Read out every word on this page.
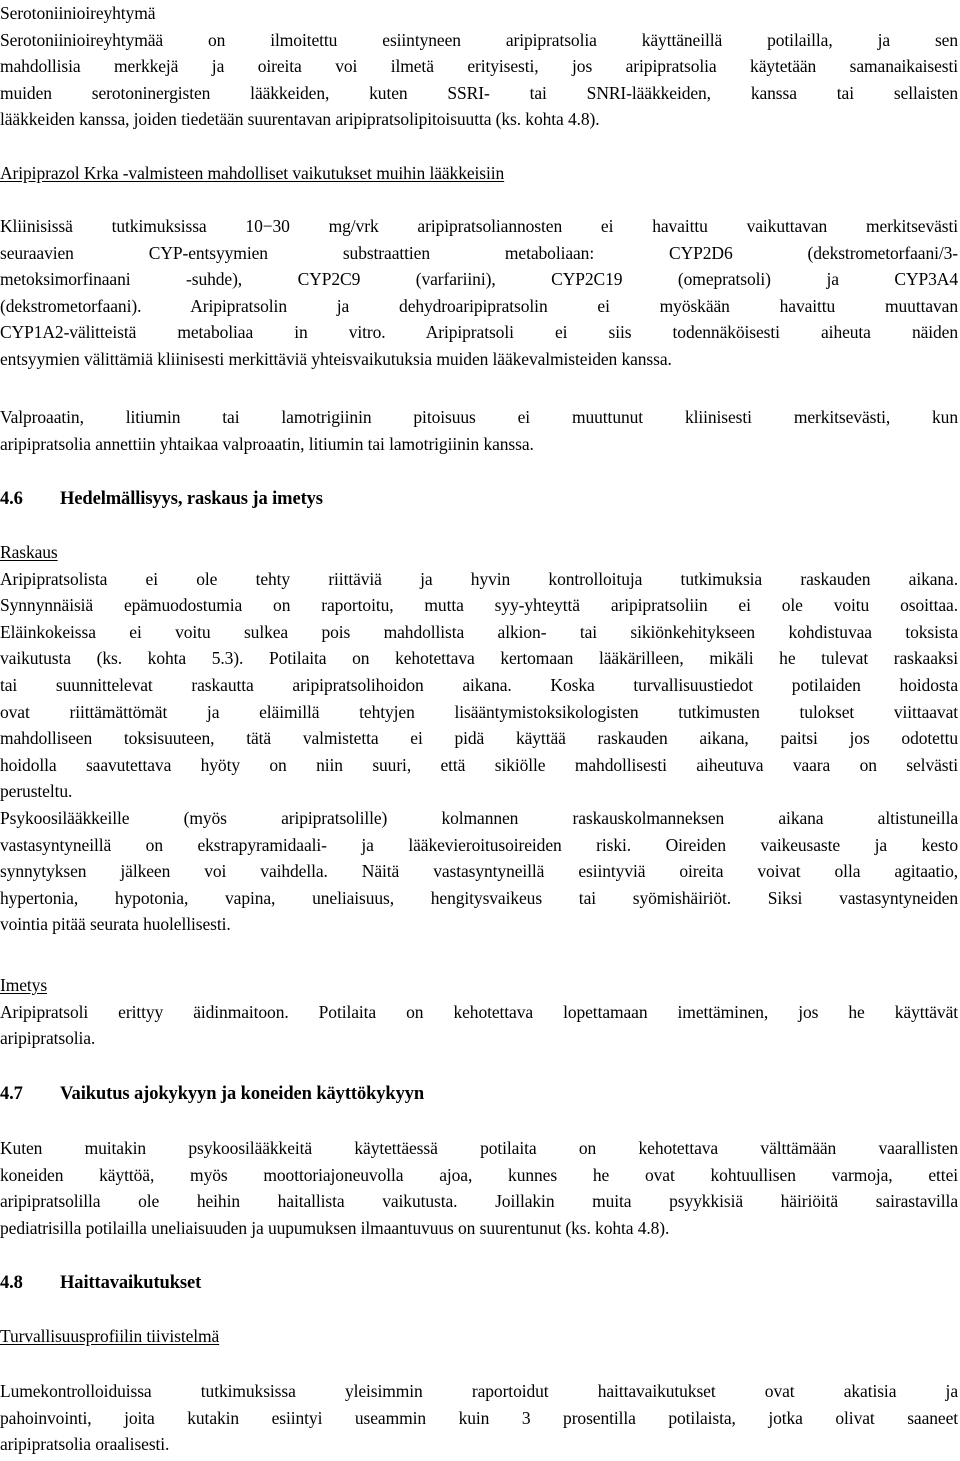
Serotoniinioireyhtymä
Serotoniinioireyhtymää on ilmoitettu esiintyneen aripipratsolia käyttäneillä potilailla, ja sen
mahdollisia merkkejä ja oireita voi ilmetä erityisesti, jos aripipratsolia käytetään samanaikaisesti
muiden serotoninergisten lääkkeiden, kuten SSRI- tai SNRI-lääkkeiden, kanssa tai sellaisten
lääkkeiden kanssa, joiden tiedetään suurentavan aripipratsolipitoisuutta (ks. kohta 4.8).
Aripiprazol Krka -valmisteen mahdolliset vaikutukset muihin lääkkeisiin
Kliinisissä tutkimuksissa 10−30 mg/vrk aripipratsoliannosten ei havaittu vaikuttavan merkitsevästi
seuraavien CYP-entsyymien substraattien metaboliaan: CYP2D6 (dekstrometorfaani/3-
metoksimorfinaani -suhde), CYP2C9 (varfariini), CYP2C19 (omepratsoli) ja CYP3A4
(dekstrometorfaani). Aripipratsolin ja dehydroaripipratsolin ei myöskään havaittu muuttavan
CYP1A2-välitteistä metaboliaa in vitro. Aripipratsoli ei siis todennäköisesti aiheuta näiden
entsyymien välittämiä kliinisesti merkittäviä yhteisvaikutuksia muiden lääkevalmisteiden kanssa.
Valproaatin, litiumin tai lamotrigiinin pitoisuus ei muuttunut kliinisesti merkitsevästi, kun
aripipratsolia annettiin yhtaikaa valproaatin, litiumin tai lamotrigiinin kanssa.
4.6 Hedelmällisyys, raskaus ja imetys
Raskaus
Aripipratsolista ei ole tehty riittäviä ja hyvin kontrolloituja tutkimuksia raskauden aikana.
Synnynnäisiä epämuodostumia on raportoitu, mutta syy-yhteyttä aripipratsoliin ei ole voitu osoittaa.
Eläinkokeissa ei voitu sulkea pois mahdollista alkion- tai sikiönkehitykseen kohdistuvaa toksista
vaikutusta (ks. kohta 5.3). Potilaita on kehotettava kertomaan lääkärilleen, mikäli he tulevat raskaaksi
tai suunnittelevat raskautta aripipratsolihoidon aikana. Koska turvallisuustiedot potilaiden hoidosta
ovat riittämättömät ja eläimillä tehtyjen lisääntymistoksikologisten tutkimusten tulokset viittaavat
mahdolliseen toksisuuteen, tätä valmistetta ei pidä käyttää raskauden aikana, paitsi jos odotettu
hoidolla saavutettava hyöty on niin suuri, että sikiölle mahdollisesti aiheutuva vaara on selvästi
perusteltu.
Psykoosilääkkeille (myös aripipratsolille) kolmannen raskauskolmanneksen aikana altistuneilla
vastasyntyneillä on ekstrapyramidaali- ja lääkevieroitusoireiden riski. Oireiden vaikeusaste ja kesto
synnytyksen jälkeen voi vaihdella. Näitä vastasyntyneillä esiintyviä oireita voivat olla agitaatio,
hypertonia, hypotonia, vapina, uneliaisuus, hengitysvaikeus tai syömishäiriöt. Siksi vastasyntyneiden
vointia pitää seurata huolellisesti.
Imetys
Aripipratsoli erittyy äidinmaitoon. Potilaita on kehotettava lopettamaan imettäminen, jos he käyttävät
aripipratsolia.
4.7 Vaikutus ajokykyyn ja koneiden käyttökykyyn
Kuten muitakin psykoosilääkkeitä käytettäessä potilaita on kehotettava välttämään vaarallisten
koneiden käyttöä, myös moottoriajoneuvolla ajoa, kunnes he ovat kohtuullisen varmoja, ettei
aripipratsolilla ole heihin haitallista vaikutusta. Joillakin muita psyykkisiä häiriöitä sairastavilla
pediatrisilla potilailla uneliaisuuden ja uupumuksen ilmaantuvuus on suurentunut (ks. kohta 4.8).
4.8 Haittavaikutukset
Turvallisuusprofiilin tiivistelmä
Lumekontrolloiduissa tutkimuksissa yleisimmin raportoidut haittavaikutukset ovat akatisia ja
pahoinvointi, joita kutakin esiintyi useammin kuin 3 prosentilla potilaista, jotka olivat saaneet
aripipratsolia oraalisesti.
